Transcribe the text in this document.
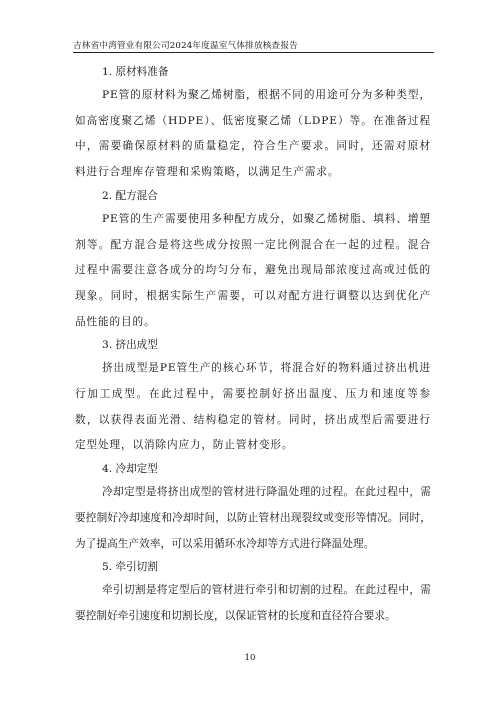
吉林省中湾管业有限公司2024年度温室气体排放核查报告
1. 原材料准备

PE管的原材料为聚乙烯树脂，根据不同的用途可分为多种类型，如高密度聚乙烯（HDPE）、低密度聚乙烯（LDPE）等。在准备过程中，需要确保原材料的质量稳定，符合生产要求。同时，还需对原材料进行合理库存管理和采购策略，以满足生产需求。

2. 配方混合

PE管的生产需要使用多种配方成分，如聚乙烯树脂、填料、增塑剂等。配方混合是将这些成分按照一定比例混合在一起的过程。混合过程中需要注意各成分的均匀分布，避免出现局部浓度过高或过低的现象。同时，根据实际生产需要，可以对配方进行调整以达到优化产品性能的目的。

3. 挤出成型

挤出成型是PE管生产的核心环节，将混合好的物料通过挤出机进行加工成型。在此过程中，需要控制好挤出温度、压力和速度等参数，以获得表面光滑、结构稳定的管材。同时，挤出成型后需要进行定型处理，以消除内应力，防止管材变形。

4. 冷却定型

冷却定型是将挤出成型的管材进行降温处理的过程。在此过程中，需要控制好冷却速度和冷却时间，以防止管材出现裂纹或变形等情况。同时，为了提高生产效率，可以采用循环水冷却等方式进行降温处理。

5. 牵引切割

牵引切割是将定型后的管材进行牵引和切割的过程。在此过程中，需要控制好牵引速度和切割长度，以保证管材的长度和直径符合要求。

10
